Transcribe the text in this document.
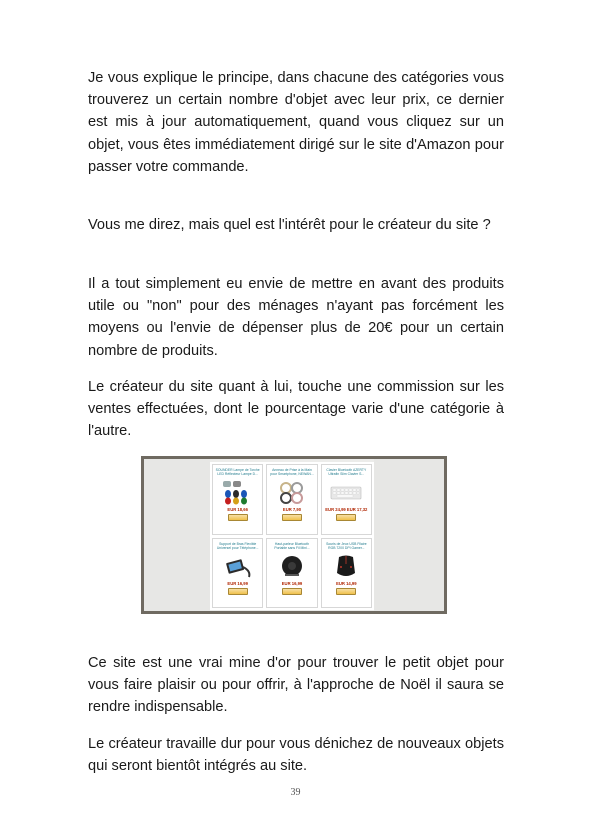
Je vous explique le principe, dans chacune des catégories vous trouverez un certain nombre d'objet avec leur prix, ce dernier est mis à jour automatiquement, quand vous cliquez sur un objet, vous êtes immédiatement dirigé sur le site d'Amazon pour passer votre commande.

Vous me direz, mais quel est l'intérêt pour le créateur du site ?

Il a tout simplement eu envie de mettre en avant des produits utile ou "non" pour des ménages n'ayant pas forcément les moyens ou l'envie de dépenser plus de 20€ pour un certain nombre de produits.

Le créateur du site quant à lui, touche une commission sur les ventes effectuées, dont le pourcentage varie d'une catégorie à l'autre.

SOUNDER Lampe de Torche LED Réflecteur Lampe D...
EUR 18,66
Anneau de Prise à la Main pour Smartphone, NEWAN...
EUR 7,90
Clavier Bluetooth AZERTY Ultrafin Slim Clavier S...
EUR 24,99 EUR 17,32
Support de Bras Flexible Universel pour Téléphone...
EUR 16,99
Haut-parleur Bluetooth Portable sans Fil Mini...
EUR 16,99
Souris de Jeux USB Filaire RGB 7200 DPI Gamer...
EUR 14,99

Ce site est une vrai mine d'or pour trouver le petit objet pour vous faire plaisir ou pour offrir, à l'approche de Noël il saura se rendre indispensable.

Le créateur travaille dur pour vous dénichez de nouveaux objets qui seront bientôt intégrés au site.

39
